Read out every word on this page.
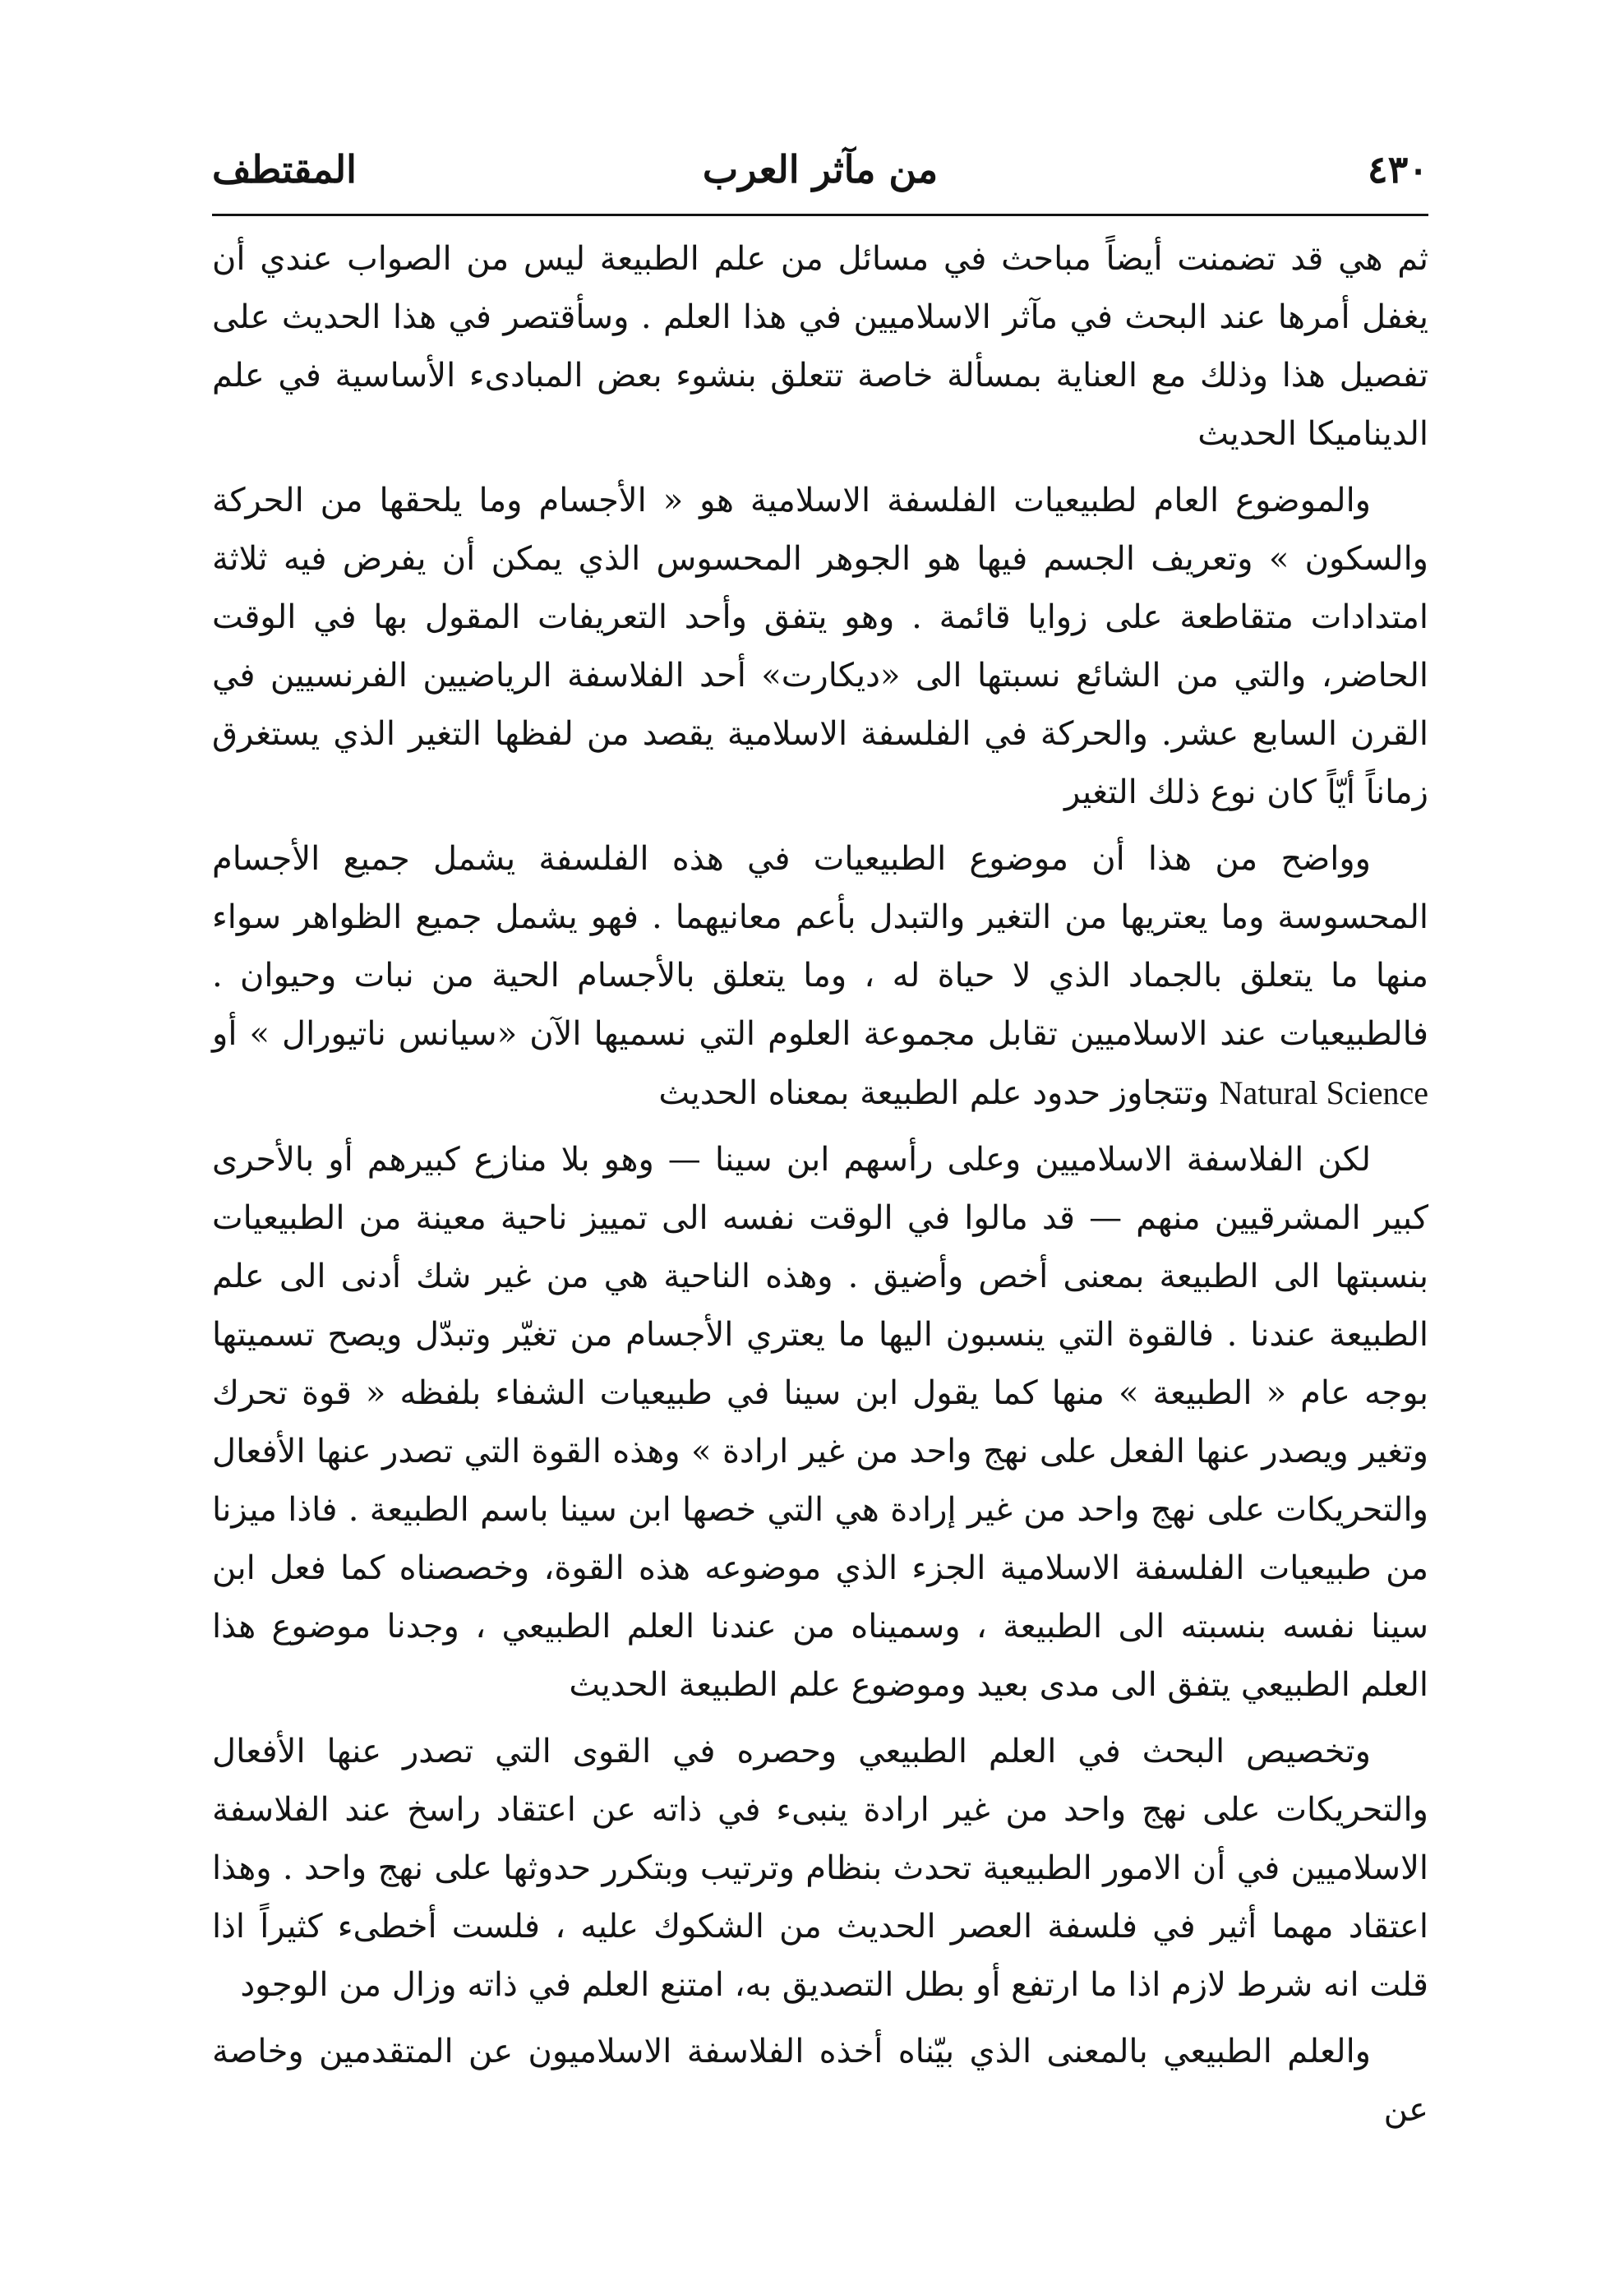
٤٣٠
من مآثر العرب
المقتطف

ثم هي قد تضمنت أيضاً مباحث في مسائل من علم الطبيعة ليس من الصواب عندي أن يغفل أمرها عند البحث في مآثر الاسلاميين في هذا العلم . وسأقتصر في هذا الحديث على تفصيل هذا وذلك مع العناية بمسألة خاصة تتعلق بنشوء بعض المبادىء الأساسية في علم الديناميكا الحديث

والموضوع العام لطبيعيات الفلسفة الاسلامية هو « الأجسام وما يلحقها من الحركة والسكون » وتعريف الجسم فيها هو الجوهر المحسوس الذي يمكن أن يفرض فيه ثلاثة امتدادات متقاطعة على زوايا قائمة . وهو يتفق وأحد التعريفات المقول بها في الوقت الحاضر، والتي من الشائع نسبتها الى «ديكارت» أحد الفلاسفة الرياضيين الفرنسيين في القرن السابع عشر. والحركة في الفلسفة الاسلامية يقصد من لفظها التغير الذي يستغرق زماناً أيّاً كان نوع ذلك التغير

وواضح من هذا أن موضوع الطبيعيات في هذه الفلسفة يشمل جميع الأجسام المحسوسة وما يعتريها من التغير والتبدل بأعم معانيهما . فهو يشمل جميع الظواهر سواء منها ما يتعلق بالجماد الذي لا حياة له ، وما يتعلق بالأجسام الحية من نبات وحيوان . فالطبيعيات عند الاسلاميين تقابل مجموعة العلوم التي نسميها الآن «سيانس ناتيورال » أو Natural Science وتتجاوز حدود علم الطبيعة بمعناه الحديث

لكن الفلاسفة الاسلاميين وعلى رأسهم ابن سينا — وهو بلا منازع كبيرهم أو بالأحرى كبير المشرقيين منهم — قد مالوا في الوقت نفسه الى تمييز ناحية معينة من الطبيعيات بنسبتها الى الطبيعة بمعنى أخص وأضيق . وهذه الناحية هي من غير شك أدنى الى علم الطبيعة عندنا . فالقوة التي ينسبون اليها ما يعتري الأجسام من تغيّر وتبدّل ويصح تسميتها بوجه عام « الطبيعة » منها كما يقول ابن سينا في طبيعيات الشفاء بلفظه « قوة تحرك وتغير ويصدر عنها الفعل على نهج واحد من غير ارادة » وهذه القوة التي تصدر عنها الأفعال والتحريكات على نهج واحد من غير إرادة هي التي خصها ابن سينا باسم الطبيعة . فاذا ميزنا من طبيعيات الفلسفة الاسلامية الجزء الذي موضوعه هذه القوة، وخصصناه كما فعل ابن سينا نفسه بنسبته الى الطبيعة ، وسميناه من عندنا العلم الطبيعي ، وجدنا موضوع هذا العلم الطبيعي يتفق الى مدى بعيد وموضوع علم الطبيعة الحديث

وتخصيص البحث في العلم الطبيعي وحصره في القوى التي تصدر عنها الأفعال والتحريكات على نهج واحد من غير ارادة ينبىء في ذاته عن اعتقاد راسخ عند الفلاسفة الاسلاميين في أن الامور الطبيعية تحدث بنظام وترتيب وبتكرر حدوثها على نهج واحد . وهذا اعتقاد مهما أثير في فلسفة العصر الحديث من الشكوك عليه ، فلست أخطىء كثيراً اذا قلت انه شرط لازم اذا ما ارتفع أو بطل التصديق به، امتنع العلم في ذاته وزال من الوجود

والعلم الطبيعي بالمعنى الذي بيّناه أخذه الفلاسفة الاسلاميون عن المتقدمين وخاصة عن
